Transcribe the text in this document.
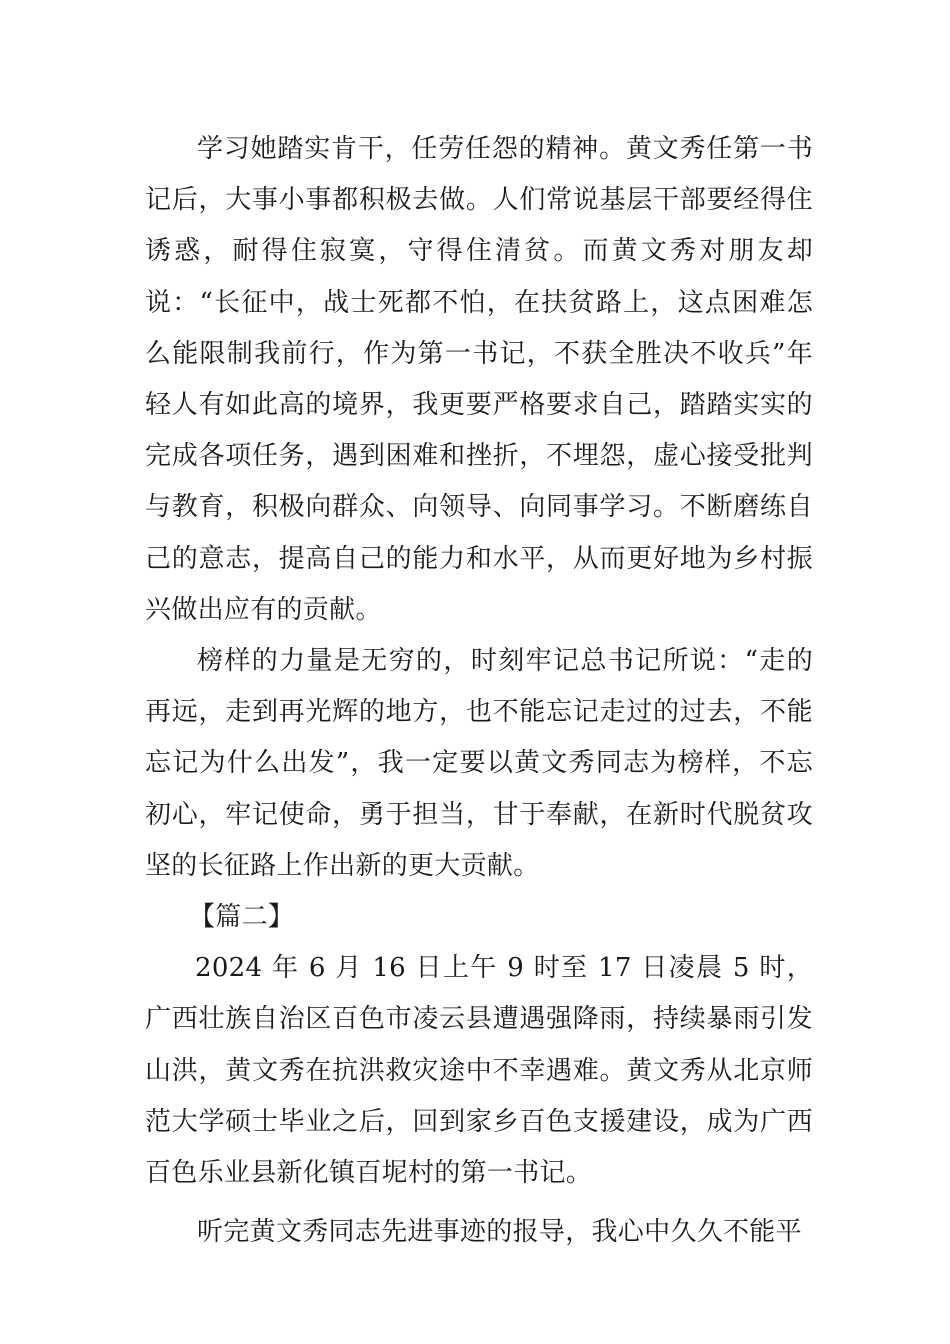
学习她踏实肯干，任劳任怨的精神。黄文秀任第一书记后，大事小事都积极去做。人们常说基层干部要经得住诱惑，耐得住寂寞，守得住清贫。而黄文秀对朋友却说：“长征中，战士死都不怕，在扶贫路上，这点困难怎么能限制我前行，作为第一书记，不获全胜决不收兵”年轻人有如此高的境界，我更要严格要求自己，踏踏实实的完成各项任务，遇到困难和挫折，不埋怨，虚心接受批判与教育，积极向群众、向领导、向同事学习。不断磨练自己的意志，提高自己的能力和水平，从而更好地为乡村振兴做出应有的贡献。

榜样的力量是无穷的，时刻牢记总书记所说：“走的再远，走到再光辉的地方，也不能忘记走过的过去，不能忘记为什么出发”，我一定要以黄文秀同志为榜样，不忘初心，牢记使命，勇于担当，甘于奉献，在新时代脱贫攻坚的长征路上作出新的更大贡献。

【篇二】

2024 年 6 月 16 日上午 9 时至 17 日凌晨 5 时，广西壮族自治区百色市凌云县遭遇强降雨，持续暴雨引发山洪，黄文秀在抗洪救灾途中不幸遇难。黄文秀从北京师范大学硕士毕业之后，回到家乡百色支援建设，成为广西百色乐业县新化镇百坭村的第一书记。

听完黄文秀同志先进事迹的报导，我心中久久不能平
